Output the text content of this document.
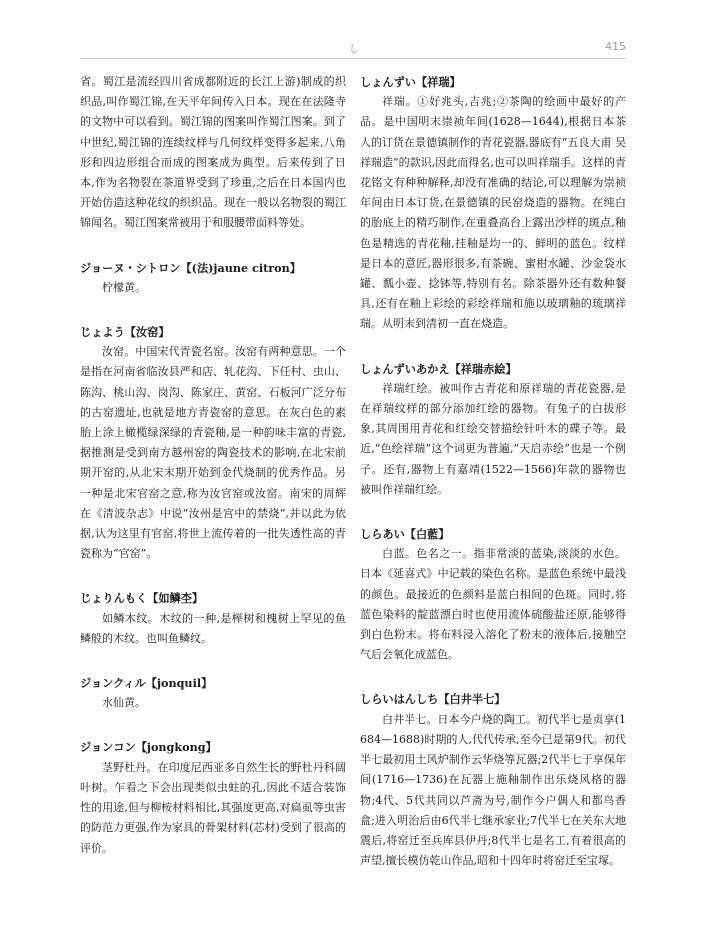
し	415

省。蜀江是流经四川省成都附近的长江上游)制成的织织品,叫作蜀江锦,在天平年间传入日本。现在在法隆寺的文物中可以看到。蜀江锦的图案叫作蜀江图案。到了中世纪,蜀江锦的连续纹样与几何纹样变得多起来,八角形和四边形组合而成的图案成为典型。后来传到了日本,作为名物裂在茶道界受到了珍重,之后在日本国内也开始仿造这种花纹的织织品。现在一般以名物裂的蜀江锦闻名。蜀江图案常被用于和服腰带面料等处。

ジョーヌ・シトロン【(法)jaune citron】

柠檬黄。

じょよう【汝窑】

汝窑。中国宋代青瓷名窑。汝窑有两种意思。一个是指在河南省临汝县严和店、轧花沟、下任村、虫山、陈沟、桃山沟、岗沟、陈家庄、黄窑、石板河广泛分布的古窑遗址,也就是地方青瓷窑的意思。在灰白色的素胎上涂上橄榄绿深绿的青瓷釉,是一种韵味丰富的青瓷,据推测是受到南方越州窑的陶瓷技术的影响,在北宋前期开窑的,从北宋末期开始到金代烧制的优秀作品。另一种是北宋官窑之意,称为汝官窑或汝窑。南宋的周辉在《清波杂志》中说“汝州是宫中的禁烧”,并以此为依据,认为这里有官窑,将世上流传着的一批失透性高的青瓷称为“官窑”。

じょりんもく【如鳞杢】

如鳞木纹。木纹的一种,是榉树和槐树上罕见的鱼鳞般的木纹。也叫鱼鳞纹。

ジョンクィル【jonquil】

水仙黄。

ジョンコン【jongkong】

茎野杜丹。在印度尼西亚多自然生长的野杜丹科阔叶树。乍看之下会出现类似虫蛀的孔,因此不适合装饰性的用途,但与柳桉材料相比,其强度更高,对扁虱等虫害的防范力更强,作为家具的骨架材料(芯材)受到了很高的评价。

しょんずい【祥瑞】

祥瑞。①好兆头,吉兆;②茶陶的绘画中最好的产品。是中国明末崇祯年间(1628—1644),根据日本茶人的订货在景德镇制作的青花瓷器,器底有“五良大甫 吴祥瑞造”的款识,因此而得名,也可以叫祥瑞手。这样的青花铭文有种种解释,却没有准确的结论,可以理解为崇祯年间由日本订货,在景德镇的民窑烧造的器物。在纯白的胎底上的精巧制作,在重叠高台上露出沙样的斑点,釉色是精选的青花釉,挂釉是均一的、鲜明的蓝色。纹样是日本的意匠,器形很多,有茶碗、蜜柑水罐、沙金袋水罐、瓢小壶、捻钵等,特别有名。除茶器外还有数种餐具,还有在釉上彩绘的彩绘祥瑞和施以玻璃釉的琉璃祥瑞。从明末到清初一直在烧造。

しょんずいあかえ【祥瑞赤絵】

祥瑞红绘。被叫作古青花和原祥瑞的青花瓷器,是在祥瑞纹样的部分添加红绘的器物。有兔子的白拔形象,其周围用青花和红绘交替描绘针叶木的碟子等。最近,“色绘祥瑞”这个词更为普遍,“天启赤绘”也是一个例子。还有,器物上有嘉靖(1522—1566)年款的器物也被叫作祥瑞红绘。

しらあい【白藍】

白蓝。色名之一。指非常淡的蓝染,淡淡的水色。日本《延喜式》中记载的染色名称。是蓝色系统中最浅的颜色。最接近的色颜料是蓝白相间的色斑。同时,将蓝色染料的靛蓝漂白时也使用流体硫酸盐还原,能够得到白色粉末。将布料浸入溶化了粉末的液体后,接触空气后会氧化成蓝色。

しらいはんしち【白井半七】

白井半七。日本今户烧的陶工。初代半七是贞享(1684—1688)时期的人,代代传承,至今已是第9代。初代半七最初用土风炉制作云华烧等瓦器;2代半七于享保年间(1716—1736)在瓦器上施釉制作出乐烧风格的器物;4代、5代共同以芦斋为号,制作今户偶人和都鸟香盒;进入明治后由6代半七继承家业;7代半七在关东大地震后,将窑迁至兵库县伊丹;8代半七是名工,有着很高的声望,擅长模仿乾山作品,昭和十四年时将窑迁至宝塚。
